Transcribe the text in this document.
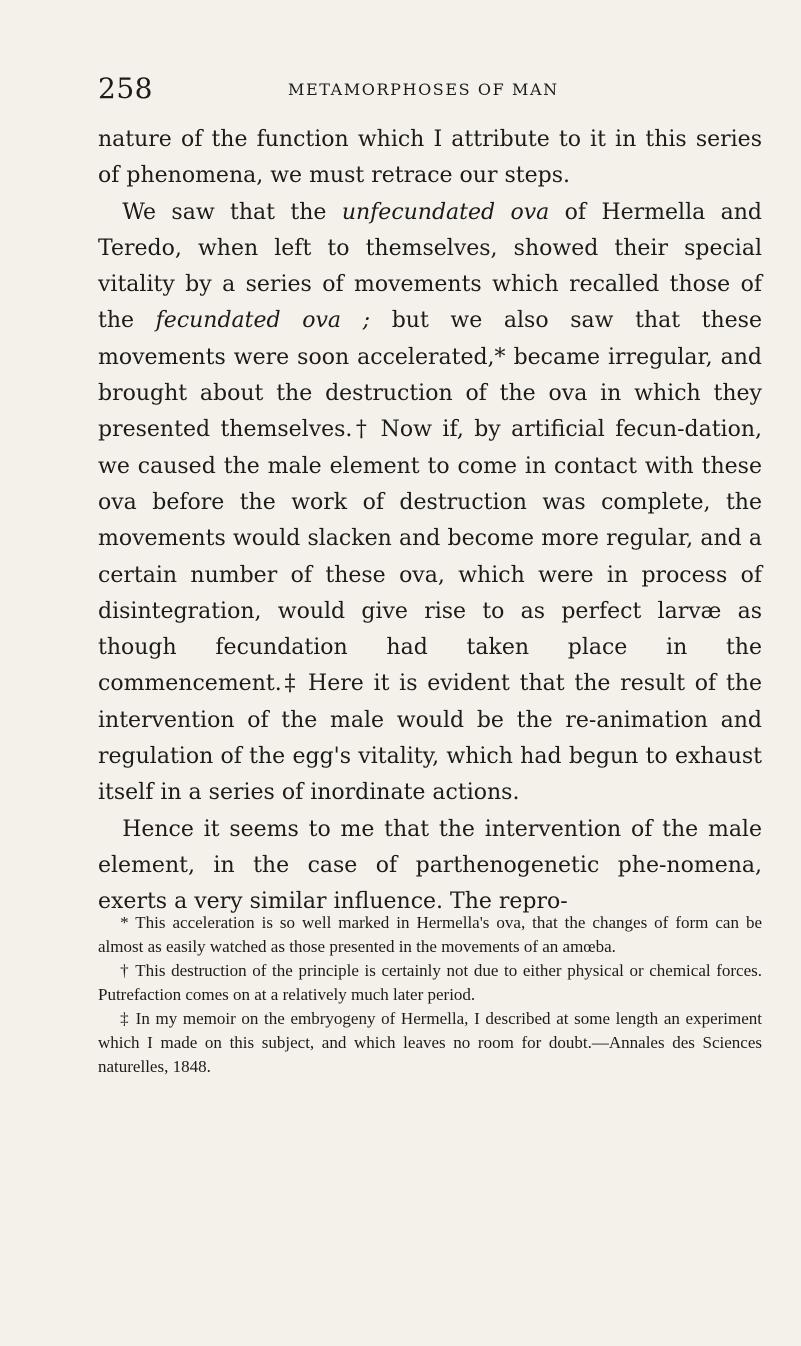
258	METAMORPHOSES OF MAN

nature of the function which I attribute to it in this series of phenomena, we must retrace our steps.

We saw that the unfecundated ova of Hermella and Teredo, when left to themselves, showed their special vitality by a series of movements which recalled those of the fecundated ova ; but we also saw that these movements were soon accelerated,* became irregular, and brought about the destruction of the ova in which they presented themselves.† Now if, by artificial fecun-dation, we caused the male element to come in contact with these ova before the work of destruction was complete, the movements would slacken and become more regular, and a certain number of these ova, which were in process of disintegration, would give rise to as perfect larvæ as though fecundation had taken place in the commencement.‡ Here it is evident that the result of the intervention of the male would be the re-animation and regulation of the egg's vitality, which had begun to exhaust itself in a series of inordinate actions.

Hence it seems to me that the intervention of the male element, in the case of parthenogenetic phe-nomena, exerts a very similar influence. The repro-

* This acceleration is so well marked in Hermella's ova, that the changes of form can be almost as easily watched as those presented in the movements of an amœba.

† This destruction of the principle is certainly not due to either physical or chemical forces. Putrefaction comes on at a relatively much later period.

‡ In my memoir on the embryogeny of Hermella, I described at some length an experiment which I made on this subject, and which leaves no room for doubt.—Annales des Sciences naturelles, 1848.
